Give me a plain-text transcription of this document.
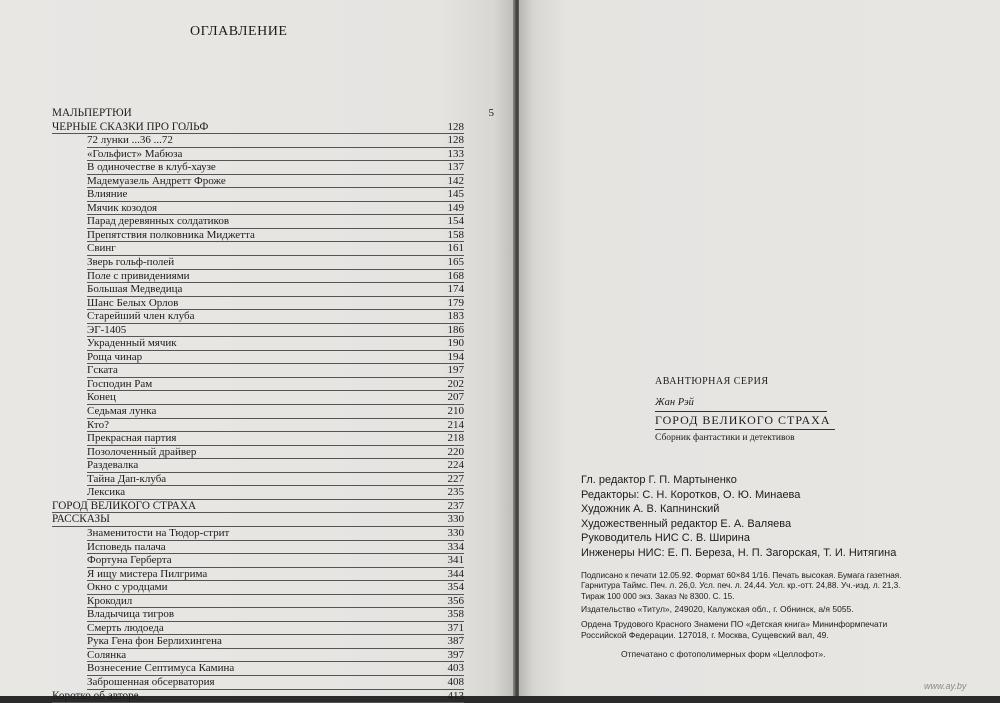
ОГЛАВЛЕНИЕ
МАЛЬПЕРТЮИ	5
ЧЕРНЫЕ СКАЗКИ ПРО ГОЛЬФ	128
72 лунки ...36 ...72	128
«Гольфист» Мабюза	133
В одиночестве в клуб-хаузе	137
Мадемуазель Андретт Фроже	142
Влияние	145
Мячик козодоя	149
Парад деревянных солдатиков	154
Препятствия полковника Миджетта	158
Свинг	161
Зверь гольф-полей	165
Поле с привидениями	168
Большая Медведица	174
Шанс Белых Орлов	179
Старейший член клуба	183
ЭГ-1405	186
Украденный мячик	190
Роща чинар	194
Гската	197
Господин Рам	202
Конец	207
Седьмая лунка	210
Кто?	214
Прекрасная партия	218
Позолоченный драйвер	220
Раздевалка	224
Тайна Дап-клуба	227
Лексика	235
ГОРОД ВЕЛИКОГО СТРАХА	237
РАССКАЗЫ	330
Знаменитости на Тюдор-стрит	330
Исповедь палача	334
Фортуна Герберта	341
Я ищу мистера Пилгрима	344
Окно с уродцами	354
Крокодил	356
Владычица тигров	358
Смерть людоеда	371
Рука Гена фон Берлихингена	387
Солянка	397
Вознесение Септимуса Камина	403
Заброшенная обсерватория	408
Коротко об авторе	413
АВАНТЮРНАЯ СЕРИЯ
Жан Рэй
ГОРОД ВЕЛИКОГО СТРАХА
Сборник фантастики и детективов
Гл. редактор Г. П. Мартыненко
Редакторы: С. Н. Коротков, О. Ю. Минаева
Художник А. В. Капнинский
Художественный редактор Е. А. Валяева
Руководитель НИС С. В. Ширина
Инженеры НИС: Е. П. Береза, Н. П. Загорская, Т. И. Нитягина
Подписано к печати 12.05.92. Формат 60×84 1/16. Печать высокая. Бумага газетная.
Гарнитура Таймс. Печ. л. 26,0. Усл. печ. л. 24,44. Усл. кр.-отт. 24,88. Уч.-изд. л. 21,3.
Тираж 100 000 экз. Заказ № 8300. С. 15.
Издательство «Титул», 249020, Калужская обл., г. Обнинск, а/я 5055.
Ордена Трудового Красного Знамени ПО «Детская книга» Мининформпечати
Российской Федерации. 127018, г. Москва, Сущевский вал, 49.
Отпечатано с фотополимерных форм «Целлофот».
www.ay.by
